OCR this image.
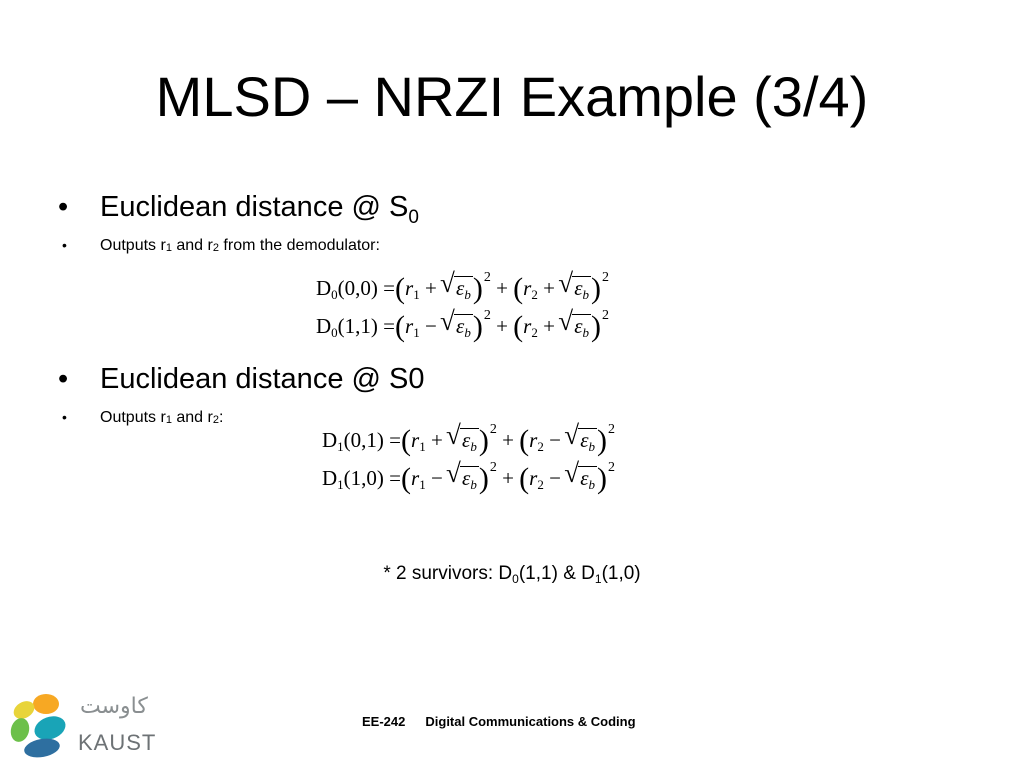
MLSD – NRZI Example (3/4)
• Euclidean distance @ $S_0$
• Outputs r1 and r2 from the demodulator:
$D_0(0,0) =(r_1$ + √ $\varepsilon_b)^2 + (r_2$ + √ $\varepsilon_b)^2$
$D_0(1,1) =(r_1$ − √ $\varepsilon_b)^2 + (r_2$ + √ $\varepsilon_b)^2$
• Euclidean distance @ S0
• Outputs r1 and r2:
$D_1(0,1) =(r_1$ + √ $\varepsilon_b)^2 + (r_2$ − √ $\varepsilon_b)^2$
$D_1(1,0) =(r_1$ − √ $\varepsilon_b)^2 + (r_2$ − √ $\varepsilon_b)^2$
* 2 survivors: $D_0(1,1)$ & $D_1(1,0)$
كاوست
KAUST
EE-242 Digital Communications & Coding
